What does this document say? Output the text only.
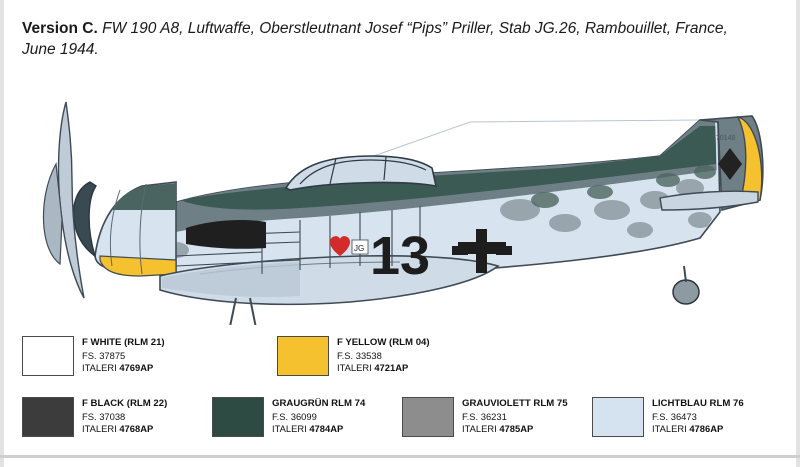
Version C. FW 190 A8, Luftwaffe, Oberstleutnant Josef “Pips” Priller, Stab JG.26, Rambouillet, France, June 1944.
170148
JG 13
F WHITE (RLM 21)
FS. 37875
ITALERI 4769AP
F YELLOW (RLM 04)
F.S. 33538
ITALERI 4721AP
F BLACK (RLM 22)
FS. 37038
ITALERI 4768AP
GRAUGRÜN RLM 74
F.S. 36099
ITALERI 4784AP
GRAUVIOLETT RLM 75
F.S. 36231
ITALERI 4785AP
LICHTBLAU RLM 76
F.S. 36473
ITALERI 4786AP
